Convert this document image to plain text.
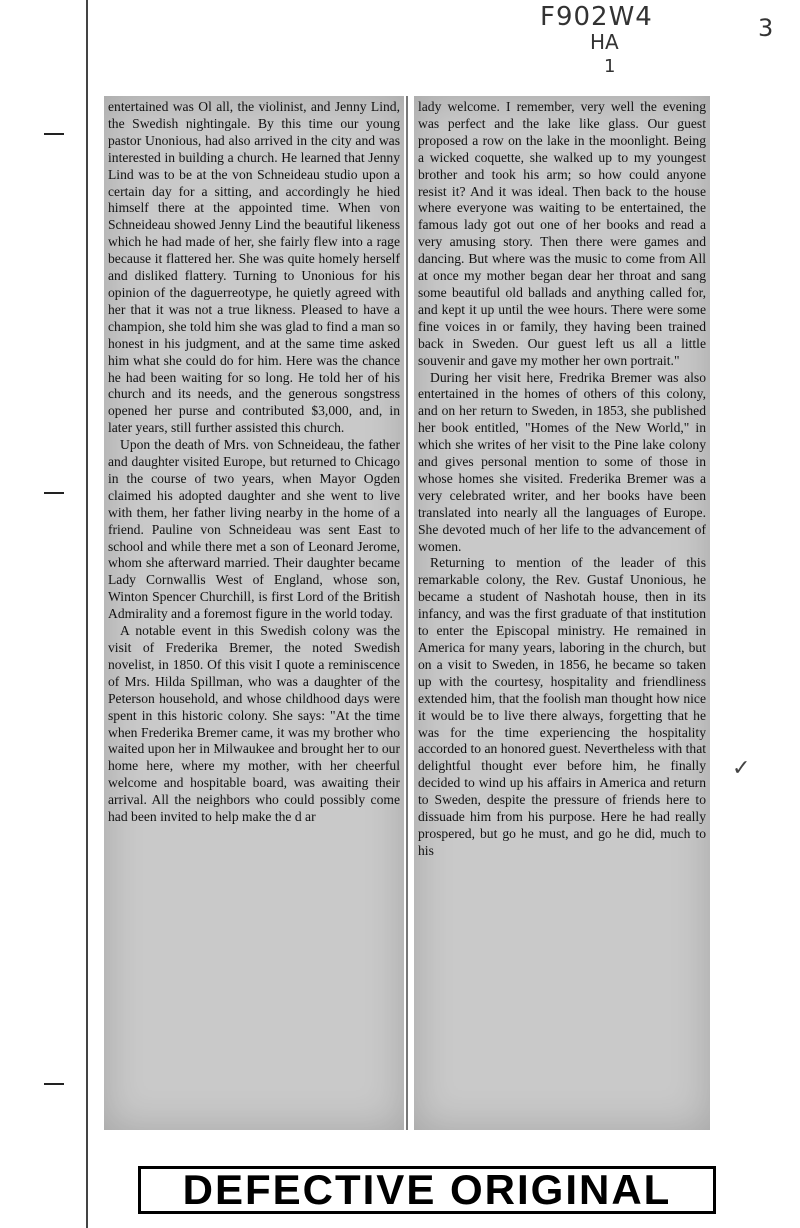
F902W4
HA
1
3

entertained was Ol all, the violinist, and Jenny Lind, the Swedish nightingale. By this time our young pastor Unonious, had also arrived in the city and was interested in building a church. He learned that Jenny Lind was to be at the von Schneideau studio upon a certain day for a sitting, and accordingly he hied himself there at the appointed time. When von Schneideau showed Jenny Lind the beautiful likeness which he had made of her, she fairly flew into a rage because it flattered her. She was quite homely herself and disliked flattery. Turning to Unonious for his opinion of the daguerreotype, he quietly agreed with her that it was not a true likness. Pleased to have a champion, she told him she was glad to find a man so honest in his judgment, and at the same time asked him what she could do for him. Here was the chance he had been waiting for so long. He told her of his church and its needs, and the generous songstress opened her purse and contributed $3,000, and, in later years, still further assisted this church.

Upon the death of Mrs. von Schneideau, the father and daughter visited Europe, but returned to Chicago in the course of two years, when Mayor Ogden claimed his adopted daughter and she went to live with them, her father living nearby in the home of a friend. Pauline von Schneideau was sent East to school and while there met a son of Leonard Jerome, whom she afterward married. Their daughter became Lady Cornwallis West of England, whose son, Winton Spencer Churchill, is first Lord of the British Admirality and a foremost figure in the world today.

A notable event in this Swedish colony was the visit of Frederika Bremer, the noted Swedish novelist, in 1850. Of this visit I quote a reminiscence of Mrs. Hilda Spillman, who was a daughter of the Peterson household, and whose childhood days were spent in this historic colony. She says: "At the time when Frederika Bremer came, it was my brother who waited upon her in Milwaukee and brought her to our home here, where my mother, with her cheerful welcome and hospitable board, was awaiting their arrival. All the neighbors who could possibly come had been invited to help make the d ar

lady welcome. I remember, very well the evening was perfect and the lake like glass. Our guest proposed a row on the lake in the moonlight. Being a wicked coquette, she walked up to my youngest brother and took his arm; so how could anyone resist it? And it was ideal. Then back to the house where everyone was waiting to be entertained, the famous lady got out one of her books and read a very amusing story. Then there were games and dancing. But where was the music to come from All at once my mother began dear her throat and sang some beautiful old ballads and anything called for, and kept it up until the wee hours. There were some fine voices in or family, they having been trained back in Sweden. Our guest left us all a little souvenir and gave my mother her own portrait."

During her visit here, Fredrika Bremer was also entertained in the homes of others of this colony, and on her return to Sweden, in 1853, she published her book entitled, "Homes of the New World," in which she writes of her visit to the Pine lake colony and gives personal mention to some of those in whose homes she visited. Frederika Bremer was a very celebrated writer, and her books have been translated into nearly all the languages of Europe. She devoted much of her life to the advancement of women.

Returning to mention of the leader of this remarkable colony, the Rev. Gustaf Unonious, he became a student of Nashotah house, then in its infancy, and was the first graduate of that institution to enter the Episcopal ministry. He remained in America for many years, laboring in the church, but on a visit to Sweden, in 1856, he became so taken up with the courtesy, hospitality and friendliness extended him, that the foolish man thought how nice it would be to live there always, forgetting that he was for the time experiencing the hospitality accorded to an honored guest. Nevertheless with that delightful thought ever before him, he finally decided to wind up his affairs in America and return to Sweden, despite the pressure of friends here to dissuade him from his purpose. Here he had really prospered, but go he must, and go he did, much to his

✓
DEFECTIVE ORIGINAL
